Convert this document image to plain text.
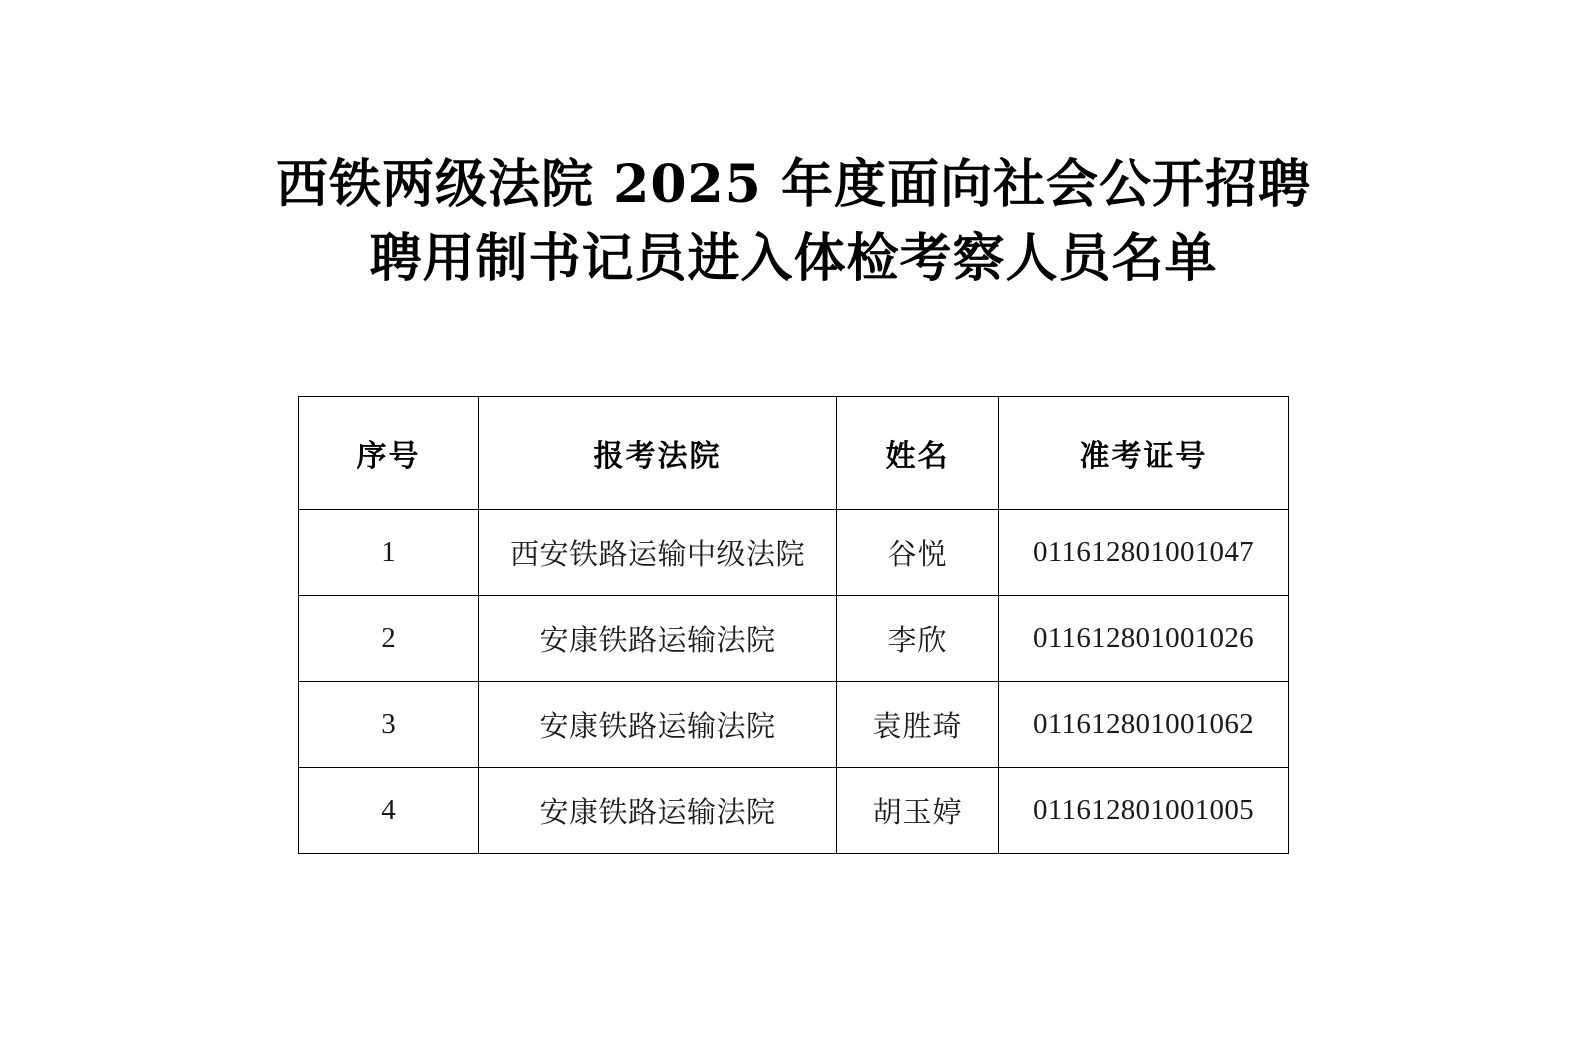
西铁两级法院 2025 年度面向社会公开招聘
聘用制书记员进入体检考察人员名单
序号	报考法院	姓名	准考证号
1	西安铁路运输中级法院	谷悦	011612801001047
2	安康铁路运输法院	李欣	011612801001026
3	安康铁路运输法院	袁胜琦	011612801001062
4	安康铁路运输法院	胡玉婷	011612801001005
